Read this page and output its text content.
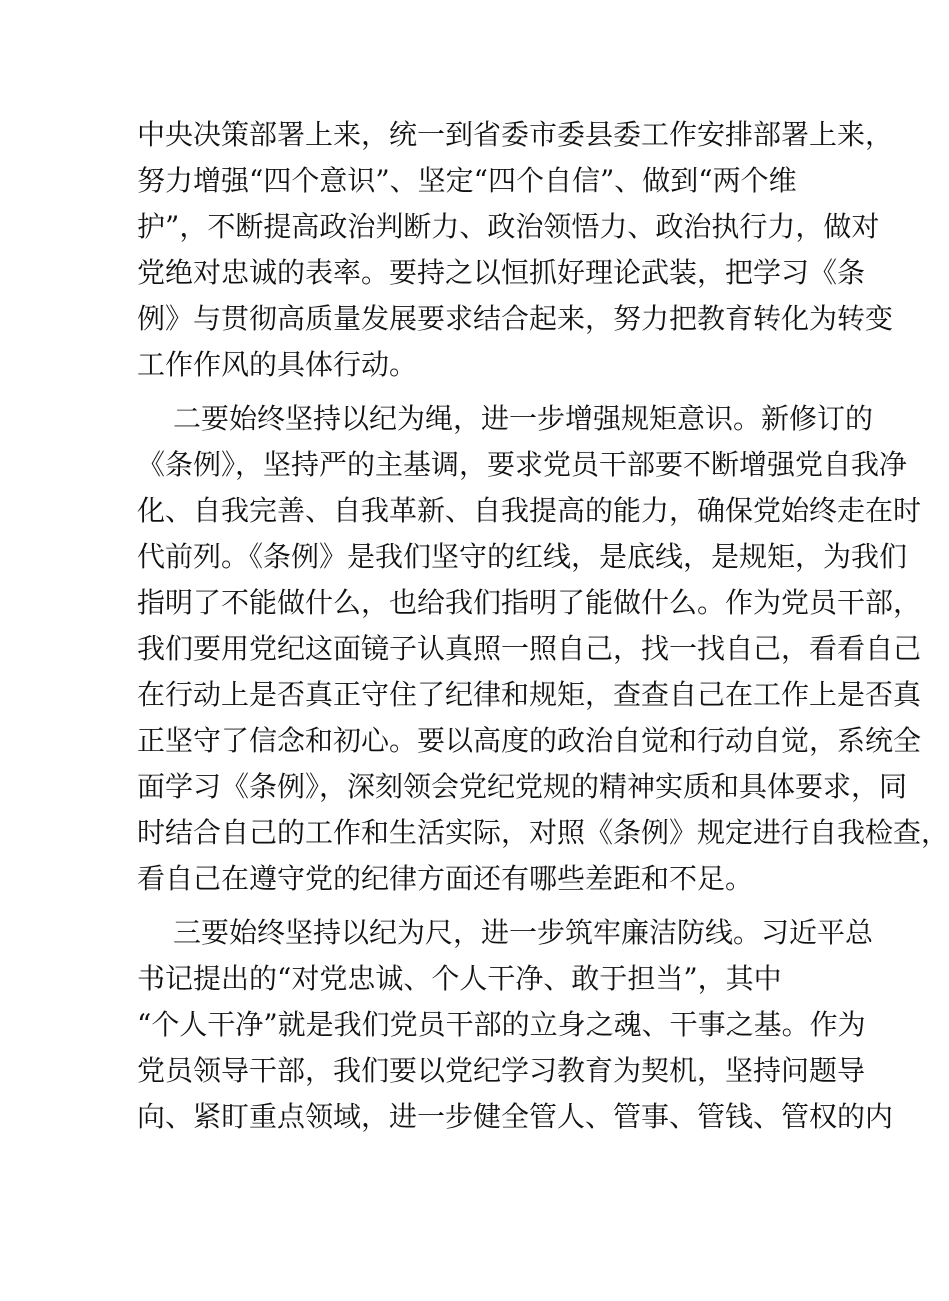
中央决策部署上来，统一到省委市委县委工作安排部署上来，
努力增强“四个意识”、坚定“四个自信”、做到“两个维
护”，不断提高政治判断力、政治领悟力、政治执行力，做对
党绝对忠诚的表率。要持之以恒抓好理论武装，把学习《条
例》与贯彻高质量发展要求结合起来，努力把教育转化为转变
工作作风的具体行动。
二要始终坚持以纪为绳，进一步增强规矩意识。新修订的
《条例》，坚持严的主基调，要求党员干部要不断增强党自我净
化、自我完善、自我革新、自我提高的能力，确保党始终走在时
代前列。《条例》是我们坚守的红线，是底线，是规矩，为我们
指明了不能做什么，也给我们指明了能做什么。作为党员干部，
我们要用党纪这面镜子认真照一照自己，找一找自己，看看自己
在行动上是否真正守住了纪律和规矩，查查自己在工作上是否真
正坚守了信念和初心。要以高度的政治自觉和行动自觉，系统全
面学习《条例》，深刻领会党纪党规的精神实质和具体要求，同
时结合自己的工作和生活实际，对照《条例》规定进行自我检查，
看自己在遵守党的纪律方面还有哪些差距和不足。
三要始终坚持以纪为尺，进一步筑牢廉洁防线。习近平总
书记提出的“对党忠诚、个人干净、敢于担当”，其中
“个人干净”就是我们党员干部的立身之魂、干事之基。作为
党员领导干部，我们要以党纪学习教育为契机，坚持问题导
向、紧盯重点领域，进一步健全管人、管事、管钱、管权的内
